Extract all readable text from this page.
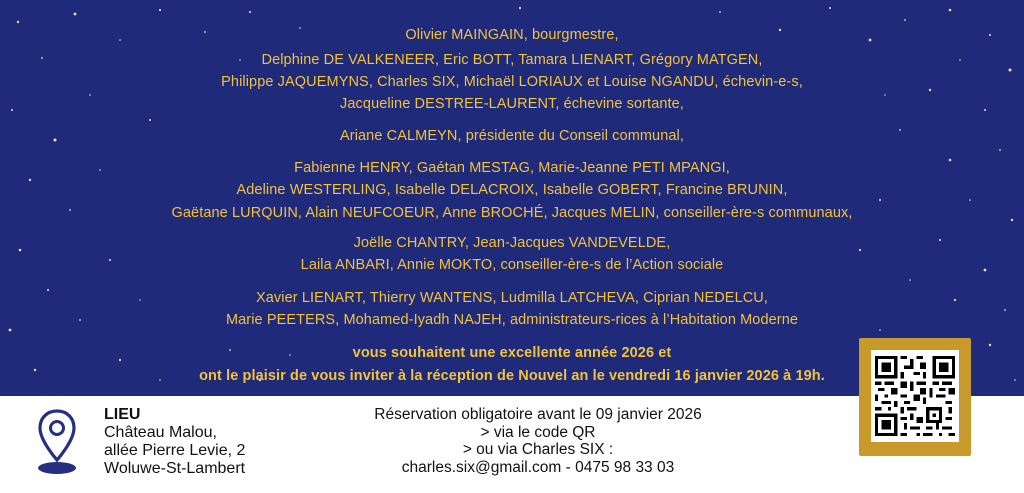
Olivier MAINGAIN, bourgmestre,
Delphine DE VALKENEER, Eric BOTT, Tamara LIENART, Grégory MATGEN,
Philippe JAQUEMYNS, Charles SIX, Michaël LORIAUX et Louise NGANDU, échevin-e-s,
Jacqueline DESTREE-LAURENT, échevine sortante,
Ariane CALMEYN, présidente du Conseil communal,
Fabienne HENRY, Gaétan MESTAG, Marie-Jeanne PETI MPANGI,
Adeline WESTERLING, Isabelle DELACROIX, Isabelle GOBERT, Francine BRUNIN,
Gaëtane LURQUIN, Alain NEUFCOEUR, Anne BROCHÉ, Jacques MELIN, conseiller-ère-s communaux,
Joëlle CHANTRY, Jean-Jacques VANDEVELDE,
Laila ANBARI, Annie MOKTO, conseiller-ère-s de l’Action sociale
Xavier LIENART, Thierry WANTENS, Ludmilla LATCHEVA, Ciprian NEDELCU,
Marie PEETERS, Mohamed-Iyadh NAJEH, administrateurs-rices à l’Habitation Moderne
vous souhaitent une excellente année 2026 et
ont le plaisir de vous inviter à la réception de Nouvel an le vendredi 16 janvier 2026 à 19h.
LIEU
Château Malou,
allée Pierre Levie, 2
Woluwe-St-Lambert
Réservation obligatoire avant le 09 janvier 2026
> via le code QR
> ou via Charles SIX :
charles.six@gmail.com - 0475 98 33 03
